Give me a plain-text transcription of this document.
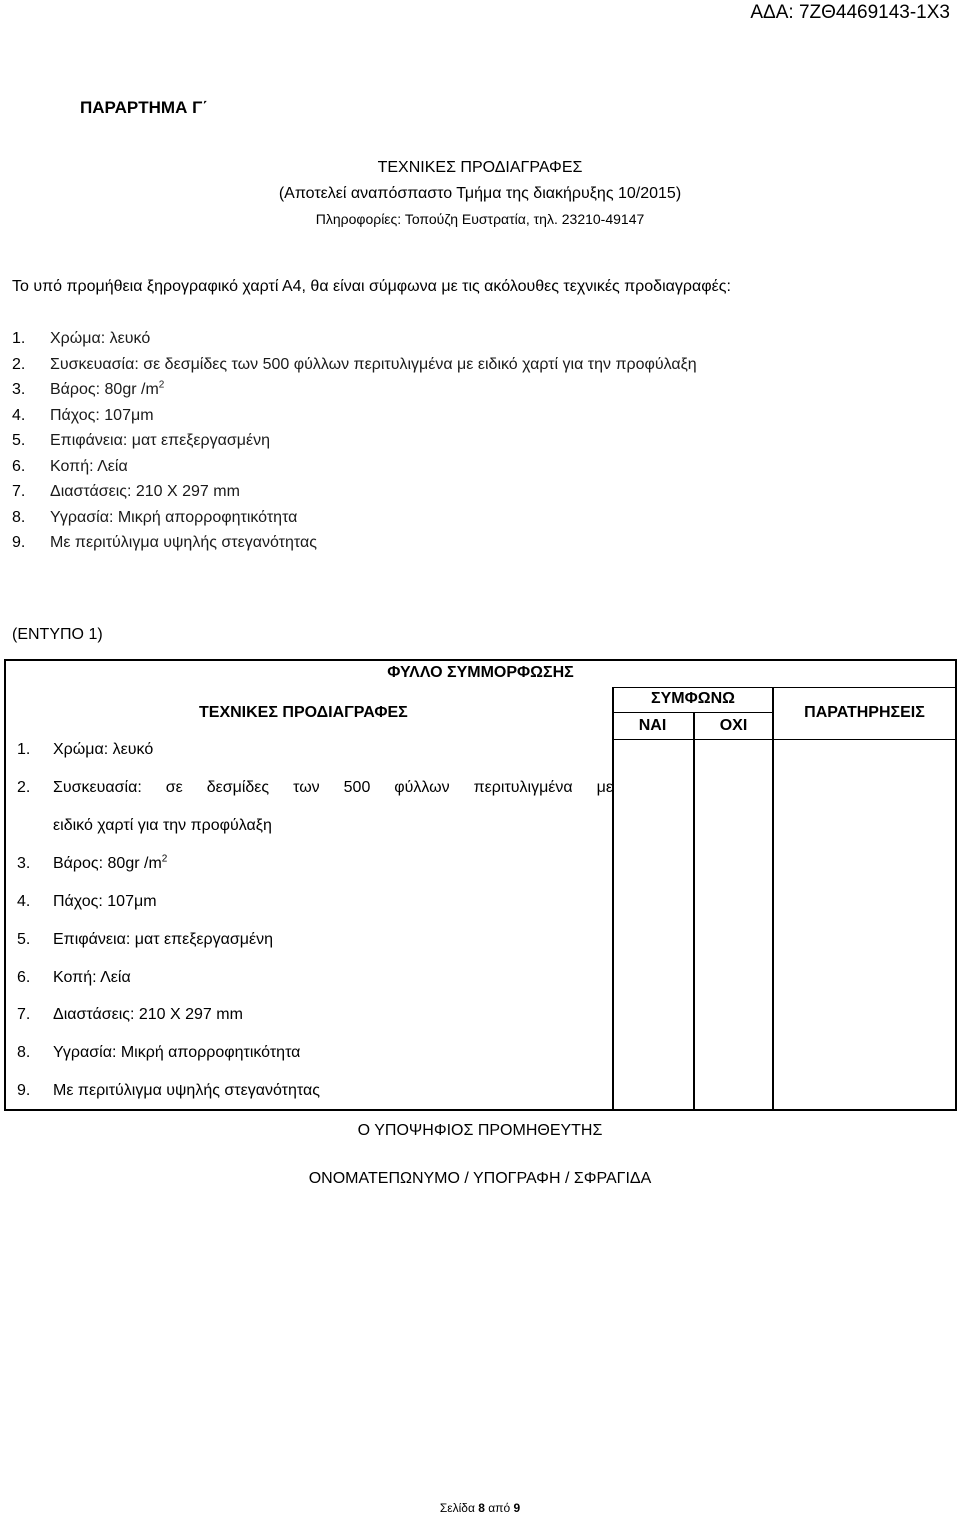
ΑΔΑ: 7ΖΘ4469143-1Χ3
ΠΑΡΑΡΤΗΜΑ Γ΄
ΤΕΧΝΙΚΕΣ ΠΡΟΔΙΑΓΡΑΦΕΣ
(Αποτελεί αναπόσπαστο Τμήμα της διακήρυξης 10/2015)
Πληροφορίες: Τοπούζη Ευστρατία, τηλ. 23210-49147
Το υπό προμήθεια ξηρογραφικό χαρτί Α4, θα είναι σύμφωνα με τις ακόλουθες τεχνικές προδιαγραφές:
1.	Χρώμα: λευκό
2.	Συσκευασία: σε δεσμίδες των 500 φύλλων περιτυλιγμένα με ειδικό χαρτί για την προφύλαξη
3.	Βάρος: 80gr $/m^2$
4.	Πάχος: 107μm
5.	Επιφάνεια: ματ επεξεργασμένη
6.	Κοπή: Λεία
7.	Διαστάσεις: 210 Χ 297 mm
8.	Υγρασία: Μικρή απορροφητικότητα
9.	Με περιτύλιγμα υψηλής στεγανότητας
(ΕΝΤΥΠΟ 1)
ΦΥΛΛΟ ΣΥΜΜΟΡΦΩΣΗΣ
ΤΕΧΝΙΚΕΣ ΠΡΟΔΙΑΓΡΑΦΕΣ
ΣΥΜΦΩΝΩ
ΝΑΙ	ΟΧΙ
ΠΑΡΑΤΗΡΗΣΕΙΣ
1.	Χρώμα: λευκό
2.	Συσκευασία: σε δεσμίδες των 500 φύλλων περιτυλιγμένα με
ειδικό χαρτί για την προφύλαξη
3.	Βάρος: 80gr $/m^2$
4.	Πάχος: 107μm
5.	Επιφάνεια: ματ επεξεργασμένη
6.	Κοπή: Λεία
7.	Διαστάσεις: 210 Χ 297 mm
8.	Υγρασία: Μικρή απορροφητικότητα
9.	Με περιτύλιγμα υψηλής στεγανότητας
Ο ΥΠΟΨΗΦΙΟΣ ΠΡΟΜΗΘΕΥΤΗΣ
ΟΝΟΜΑΤΕΠΩΝΥΜΟ / ΥΠΟΓΡΑΦΗ / ΣΦΡΑΓΙΔΑ
Σελίδα 8 από 9
